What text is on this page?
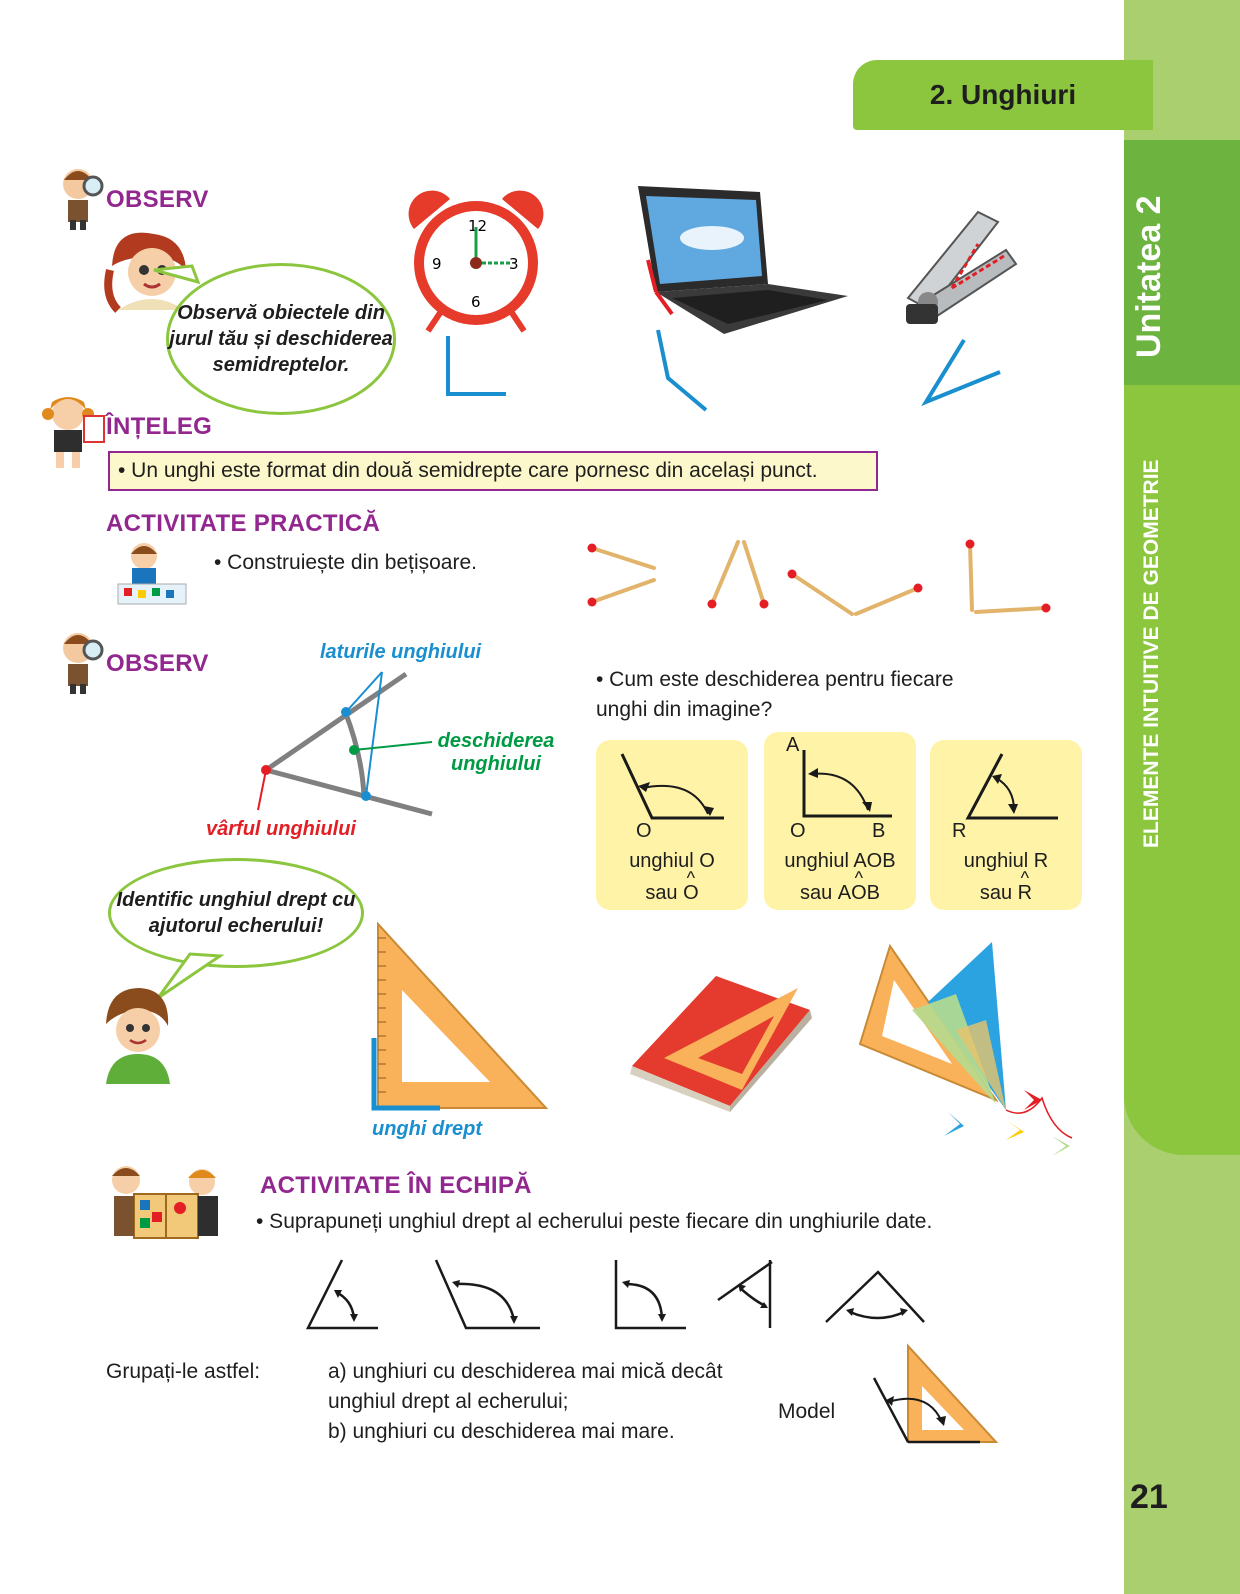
Unitatea 2
ELEMENTE INTUITIVE DE GEOMETRIE
2. Unghiuri
21
OBSERV
Observă obiectele din jurul tău și deschiderea semidreptelor.
12
3
6
9
ÎNȚELEG
• Un unghi este format din două semidrepte care pornesc din același punct.
ACTIVITATE PRACTICĂ
• Construiește din bețișoare.
OBSERV	laturile unghiului
deschiderea
unghiului
vârful unghiului
• Cum este deschiderea pentru fiecare
unghi din imagine?
O
unghiul O
sau ^ O
A
O	B
unghiul AOB
sau ^ AOB
R
unghiul R
sau ^ R
Identific unghiul drept cu ajutorul echerului!
unghi drept
ACTIVITATE ÎN ECHIPĂ
• Suprapuneți unghiul drept al echerului peste fiecare din unghiurile date.
Grupați-le astfel:	a) unghiuri cu deschiderea mai mică decât
unghiul drept al echerului;
b) unghiuri cu deschiderea mai mare.
Model
